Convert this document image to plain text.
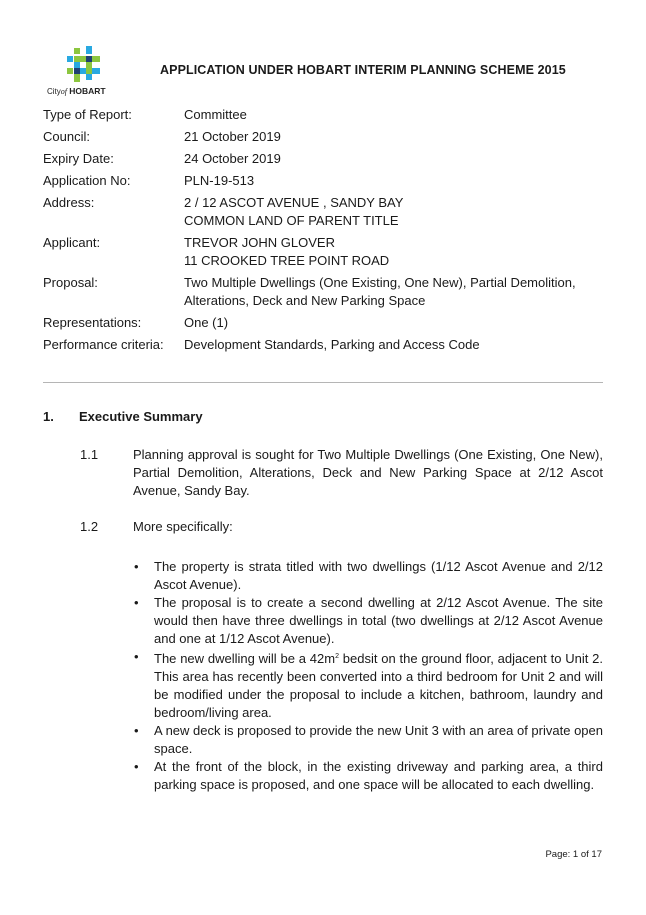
Cityof HOBART
APPLICATION UNDER HOBART INTERIM PLANNING SCHEME 2015
Type of Report:	Committee
Council:	21 October 2019
Expiry Date:	24 October 2019
Application No:	PLN-19-513
Address:	2 / 12 ASCOT AVENUE , SANDY BAY
COMMON LAND OF PARENT TITLE
Applicant:	TREVOR JOHN GLOVER
11 CROOKED TREE POINT ROAD
Proposal:	Two Multiple Dwellings (One Existing, One New), Partial Demolition, Alterations, Deck and New Parking Space
Representations:	One (1)
Performance criteria:	Development Standards, Parking and Access Code
1.	Executive Summary
1.1	Planning approval is sought for Two Multiple Dwellings (One Existing, One New), Partial Demolition, Alterations, Deck and New Parking Space at 2/12 Ascot Avenue, Sandy Bay.
1.2	More specifically:
•	The property is strata titled with two dwellings (1/12 Ascot Avenue and 2/12 Ascot Avenue).
•	The proposal is to create a second dwelling at 2/12 Ascot Avenue. The site would then have three dwellings in total (two dwellings at 2/12 Ascot Avenue and one at 1/12 Ascot Avenue).
•	The new dwelling will be a $42m^2$ bedsit on the ground floor, adjacent to Unit 2. This area has recently been converted into a third bedroom for Unit 2 and will be modified under the proposal to include a kitchen, bathroom, laundry and bedroom/living area.
•	A new deck is proposed to provide the new Unit 3 with an area of private open space.
•	At the front of the block, in the existing driveway and parking area, a third parking space is proposed, and one space will be allocated to each dwelling.
Page: 1 of 17
